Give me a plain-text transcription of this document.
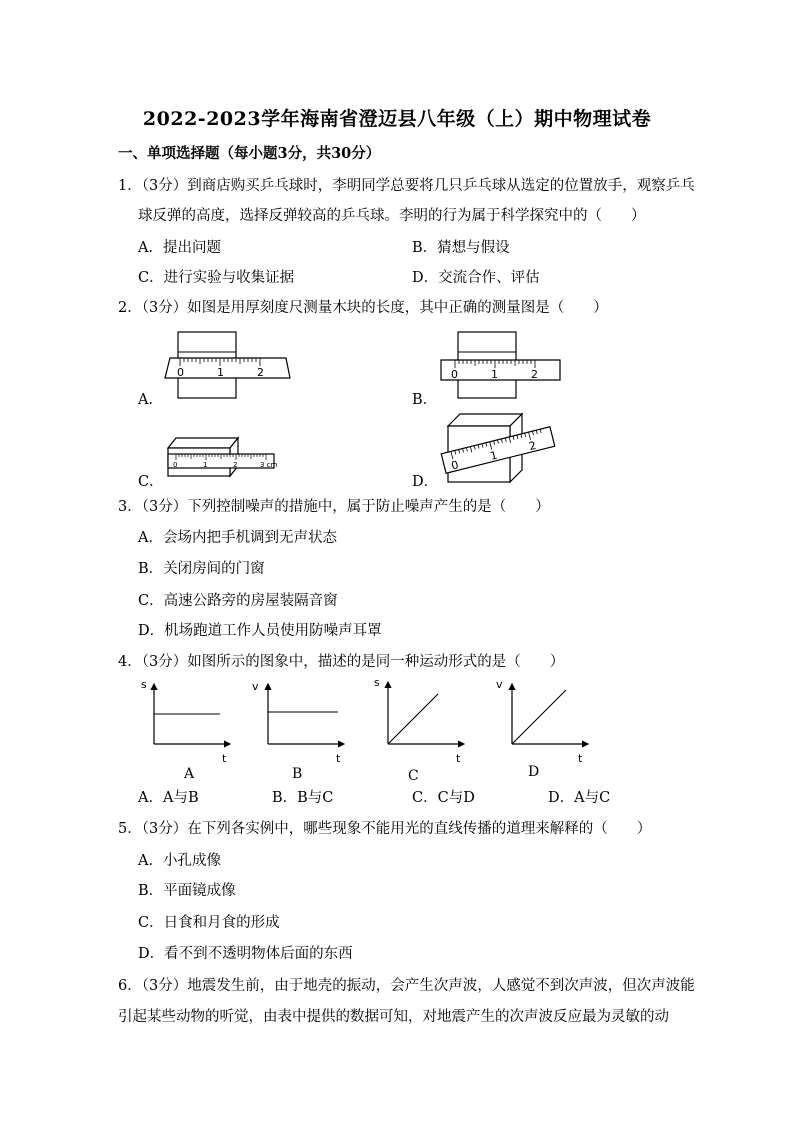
2022-2023学年海南省澄迈县八年级（上）期中物理试卷
一、单项选择题（每小题3分，共30分）
1．（3分）到商店购买乒乓球时，李明同学总要将几只乒乓球从选定的位置放手，观察乒乓
球反弹的高度，选择反弹较高的乒乓球。李明的行为属于科学探究中的（　　）
A．提出问题	B．猜想与假设
C．进行实验与收集证据	D．交流合作、评估
2．（3分）如图是用厚刻度尺测量木块的长度，其中正确的测量图是（　　）
0	1	2
A．
0	1	2
B．
0	1	2	3 cm
C．
0
1
2
D．
3．（3分）下列控制噪声的措施中，属于防止噪声产生的是（　　）
A．会场内把手机调到无声状态
B．关闭房间的门窗
C．高速公路旁的房屋装隔音窗
D．机场跑道工作人员使用防噪声耳罩
4．（3分）如图所示的图象中，描述的是同一种运动形式的是（　　）
s
t
A
v
t
B
s
t
C
v
t
D
A．A与B	B．B与C	C．C与D	D．A与C
5．（3分）在下列各实例中，哪些现象不能用光的直线传播的道理来解释的（　　）
A．小孔成像
B．平面镜成像
C．日食和月食的形成
D．看不到不透明物体后面的东西
6．（3分）地震发生前，由于地壳的振动，会产生次声波，人感觉不到次声波，但次声波能
引起某些动物的听觉，由表中提供的数据可知，对地震产生的次声波反应最为灵敏的动
